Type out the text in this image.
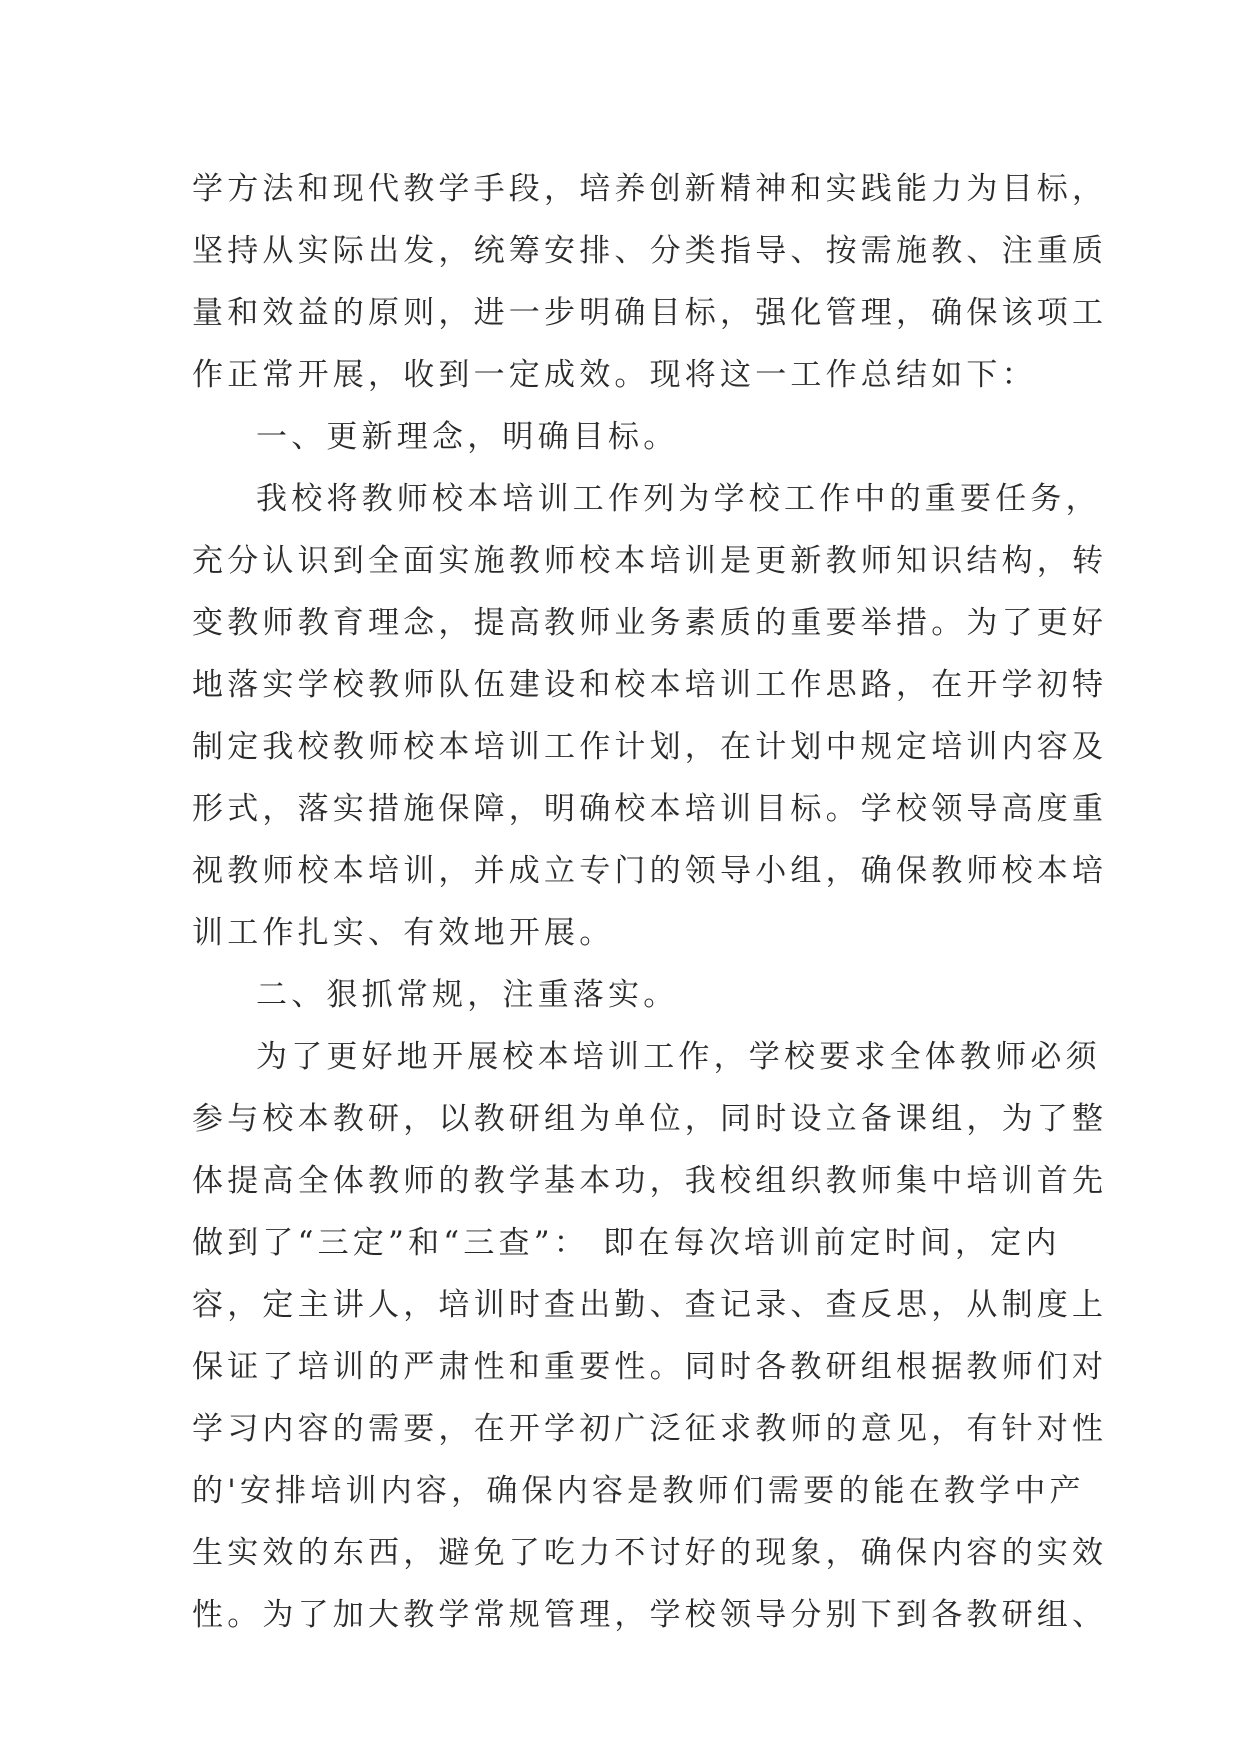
学方法和现代教学手段，培养创新精神和实践能力为目标，
坚持从实际出发，统筹安排、分类指导、按需施教、注重质
量和效益的原则，进一步明确目标，强化管理，确保该项工
作正常开展，收到一定成效。现将这一工作总结如下：
一、更新理念，明确目标。
我校将教师校本培训工作列为学校工作中的重要任务，
充分认识到全面实施教师校本培训是更新教师知识结构，转
变教师教育理念，提高教师业务素质的重要举措。为了更好
地落实学校教师队伍建设和校本培训工作思路，在开学初特
制定我校教师校本培训工作计划，在计划中规定培训内容及
形式，落实措施保障，明确校本培训目标。学校领导高度重
视教师校本培训，并成立专门的领导小组，确保教师校本培
训工作扎实、有效地开展。
二、狠抓常规，注重落实。
为了更好地开展校本培训工作，学校要求全体教师必须
参与校本教研，以教研组为单位，同时设立备课组，为了整
体提高全体教师的教学基本功，我校组织教师集中培训首先
做到了“三定”和“三查”： 即在每次培训前定时间，定内
容，定主讲人，培训时查出勤、查记录、查反思，从制度上
保证了培训的严肃性和重要性。同时各教研组根据教师们对
学习内容的需要，在开学初广泛征求教师的意见，有针对性
的'安排培训内容，确保内容是教师们需要的能在教学中产
生实效的东西，避免了吃力不讨好的现象，确保内容的实效
性。为了加大教学常规管理，学校领导分别下到各教研组、
